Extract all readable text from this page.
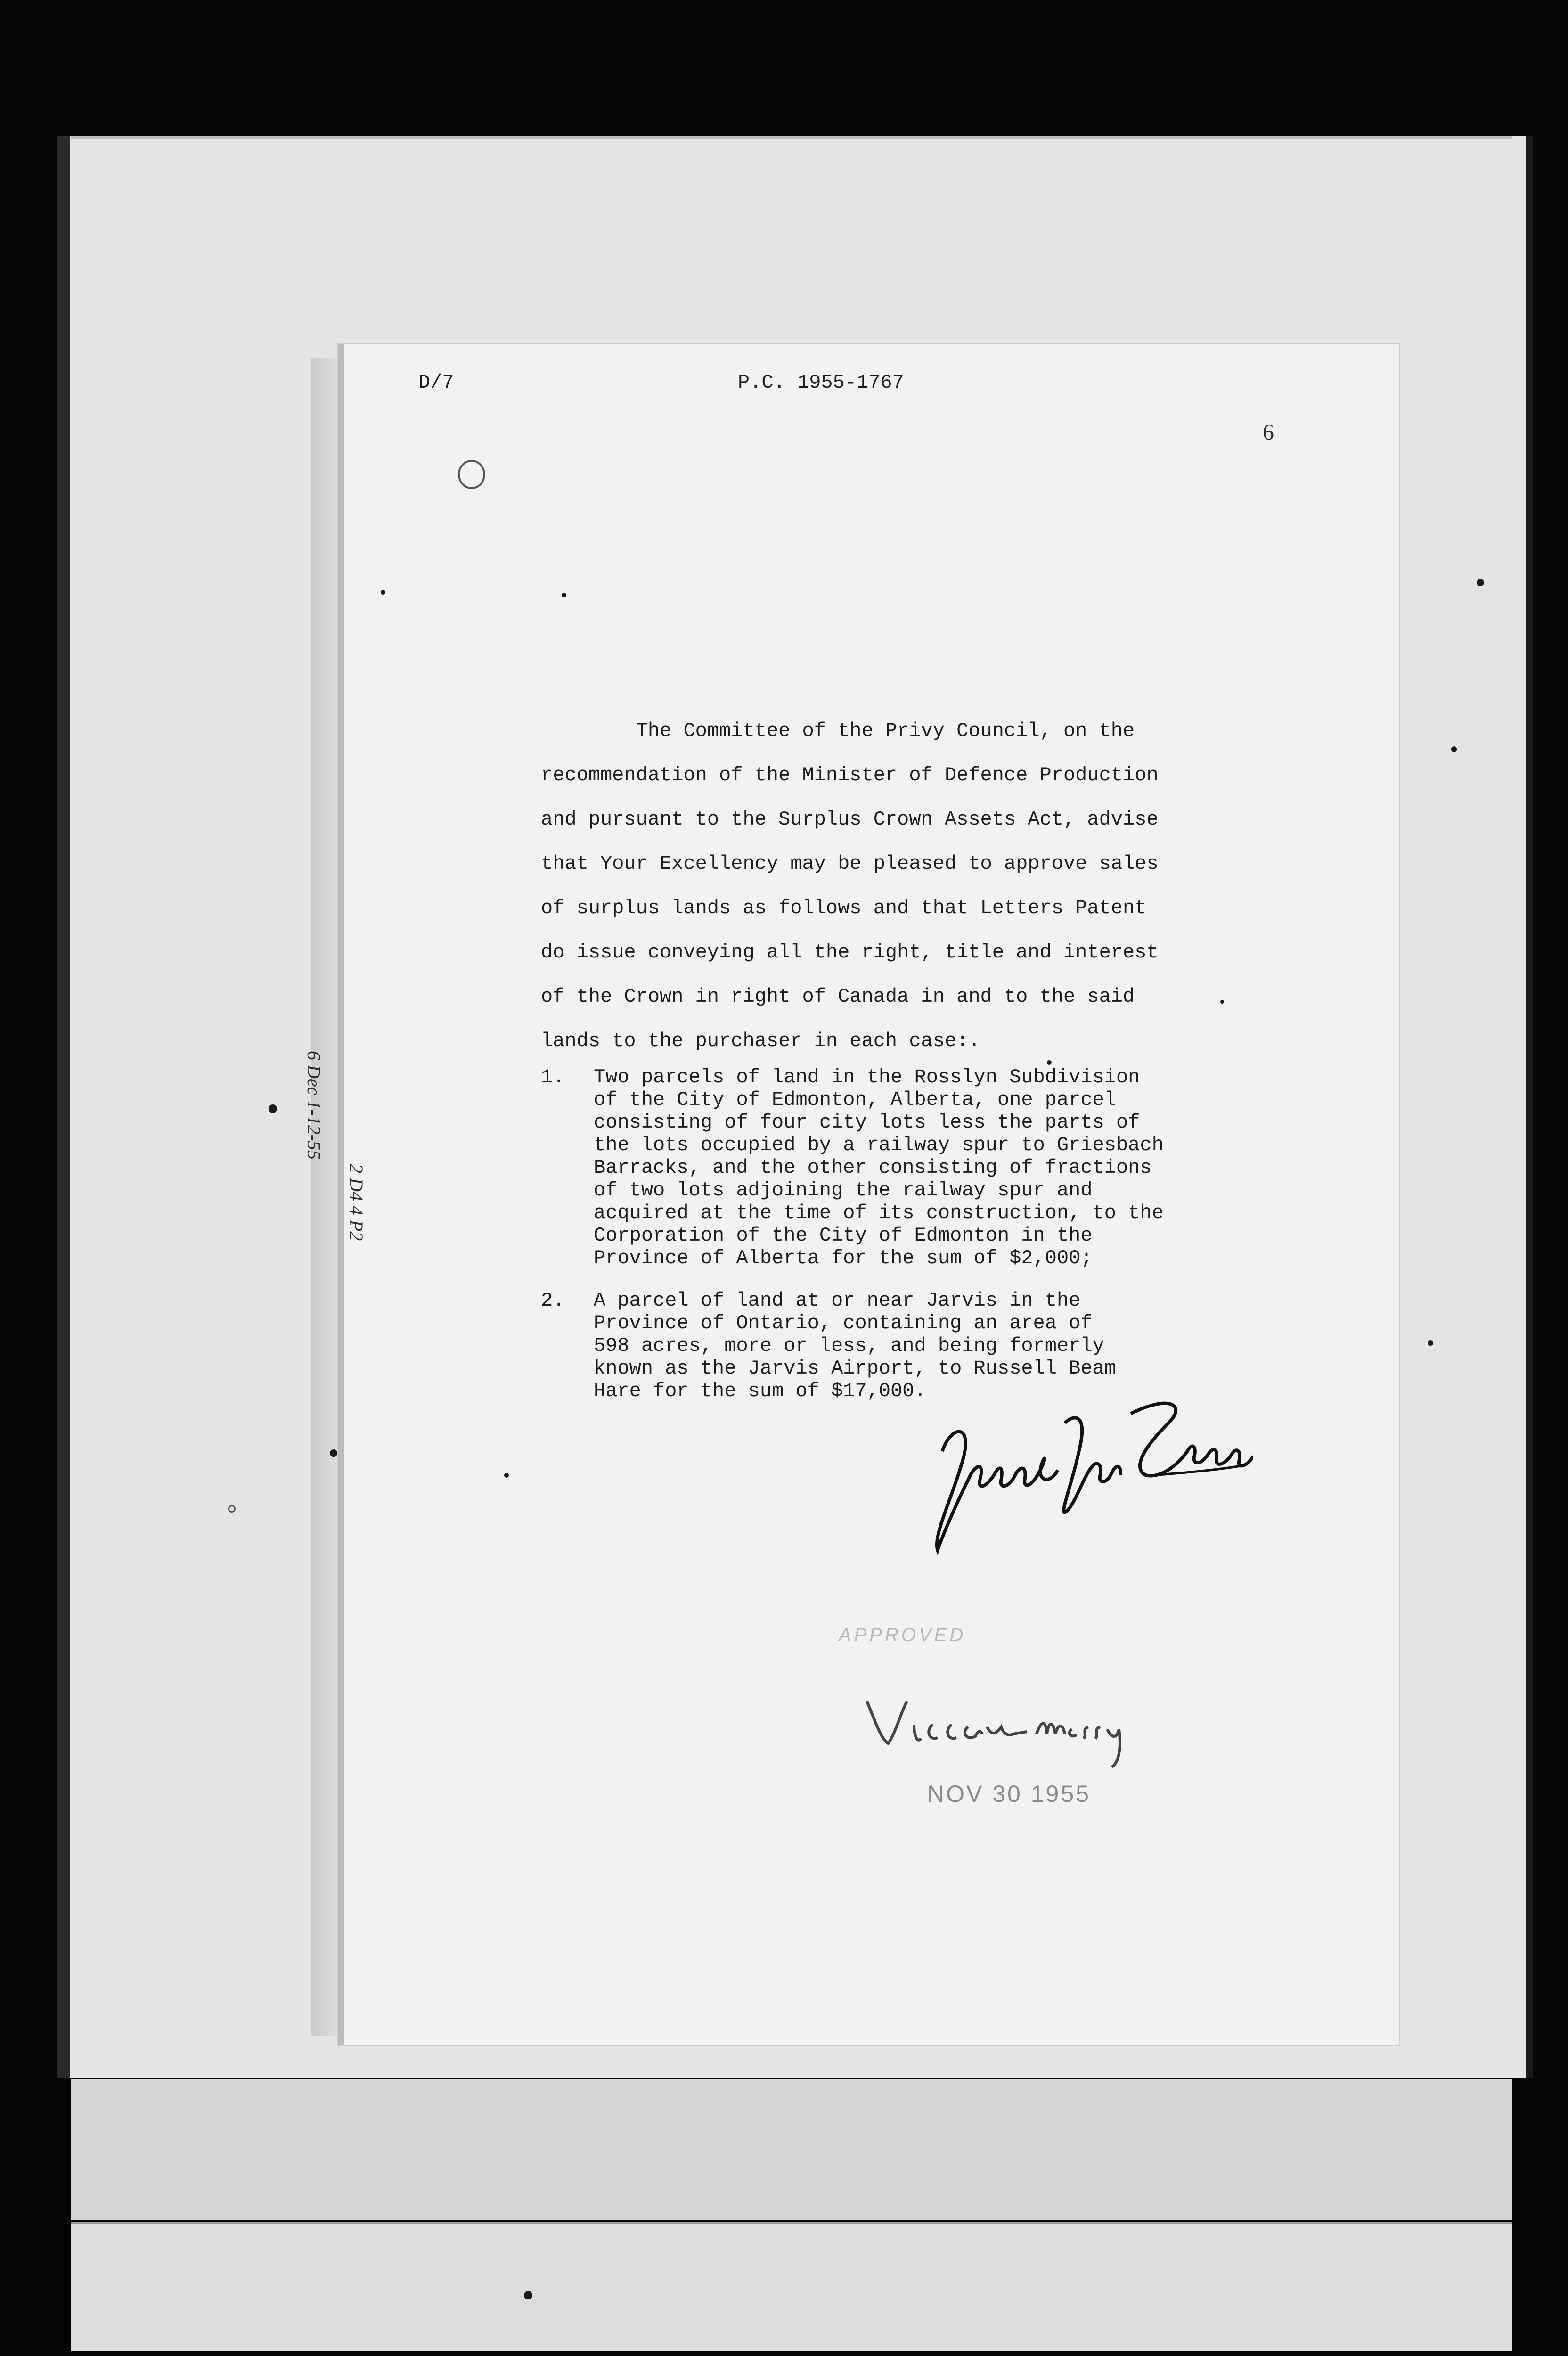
D/7	P.C. 1955-1767
6
The Committee of the Privy Council, on the
recommendation of the Minister of Defence Production
and pursuant to the Surplus Crown Assets Act, advise
that Your Excellency may be pleased to approve sales
of surplus lands as follows and that Letters Patent
do issue conveying all the right, title and interest
of the Crown in right of Canada in and to the said
lands to the purchaser in each case:.
1. Two parcels of land in the Rosslyn Subdivision
of the City of Edmonton, Alberta, one parcel
consisting of four city lots less the parts of
the lots occupied by a railway spur to Griesbach
Barracks, and the other consisting of fractions
of two lots adjoining the railway spur and
acquired at the time of its construction, to the
Corporation of the City of Edmonton in the
Province of Alberta for the sum of $2,000;
2. A parcel of land at or near Jarvis in the
Province of Ontario, containing an area of
598 acres, more or less, and being formerly
known as the Jarvis Airport, to Russell Beam
Hare for the sum of $17,000.
6 Dec 1-12-55
2 D4 4 P2
APPROVED
NOV 30 1955
